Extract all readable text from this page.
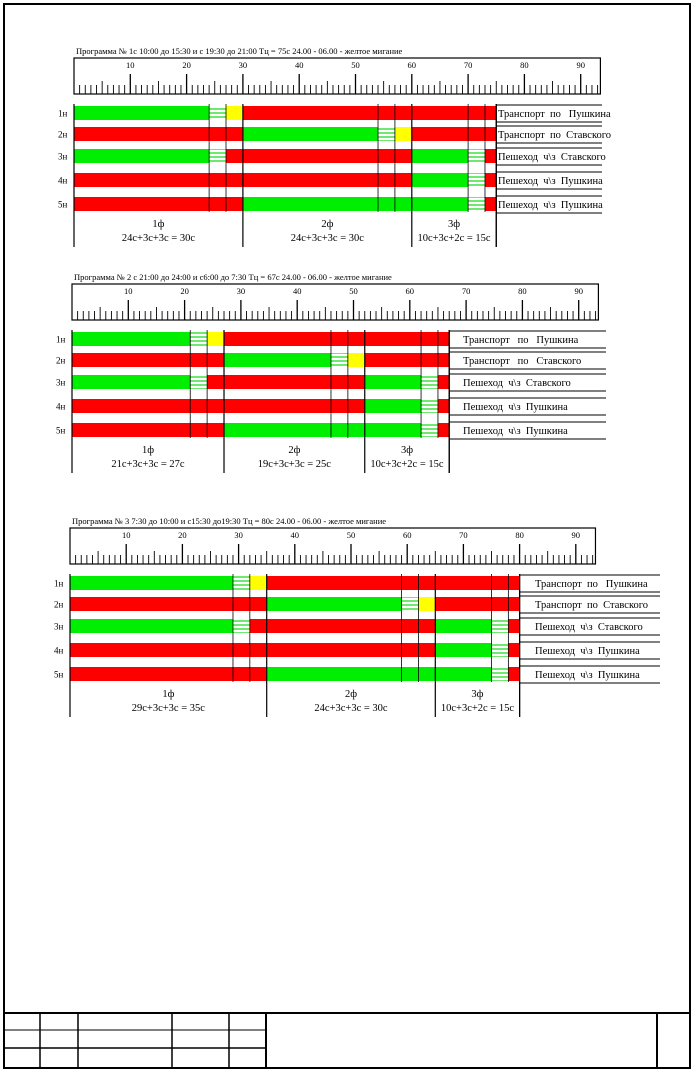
Программа № 1с 10:00 до 15:30 и с 19:30 до 21:00 Тц = 75с 24.00 - 06.00 - желтое мигание
10	20	30	40	50	60	70	80	90
1н	Транспорт  по   Пушкина
2н	Транспорт  по  Ставского
3н	Пешеход  ч\з  Ставского
4н	Пешеход  ч\з  Пушкина
5н	Пешеход  ч\з  Пушкина
1ф
24с+3с+3с = 30с
2ф
24с+3с+3с = 30с
3ф
10с+3с+2с = 15с
Программа № 2 с 21:00 до 24:00 и с6:00 до 7:30 Тц = 67с 24.00 - 06.00 - желтое мигание
10	20	30	40	50	60	70	80	90
1н	Транспорт   по   Пушкина
2н	Транспорт   по   Ставского
3н	Пешеход  ч\з  Ставского
4н	Пешеход  ч\з  Пушкина
5н	Пешеход  ч\з  Пушкина
1ф
21с+3с+3с = 27с
2ф
19с+3с+3с = 25с
3ф
10с+3с+2с = 15с
Программа № 3 7:30 до 10:00 и с15:30 до19:30 Тц = 80с 24.00 - 06.00 - желтое мигание
10	20	30	40	50	60	70	80	90
1н	Транспорт  по   Пушкина
2н	Транспорт  по  Ставского
3н	Пешеход  ч\з  Ставского
4н	Пешеход  ч\з  Пушкина
5н	Пешеход  ч\з  Пушкина
1ф
29с+3с+3с = 35с
2ф
24с+3с+3с = 30с
3ф
10с+3с+2с = 15с
